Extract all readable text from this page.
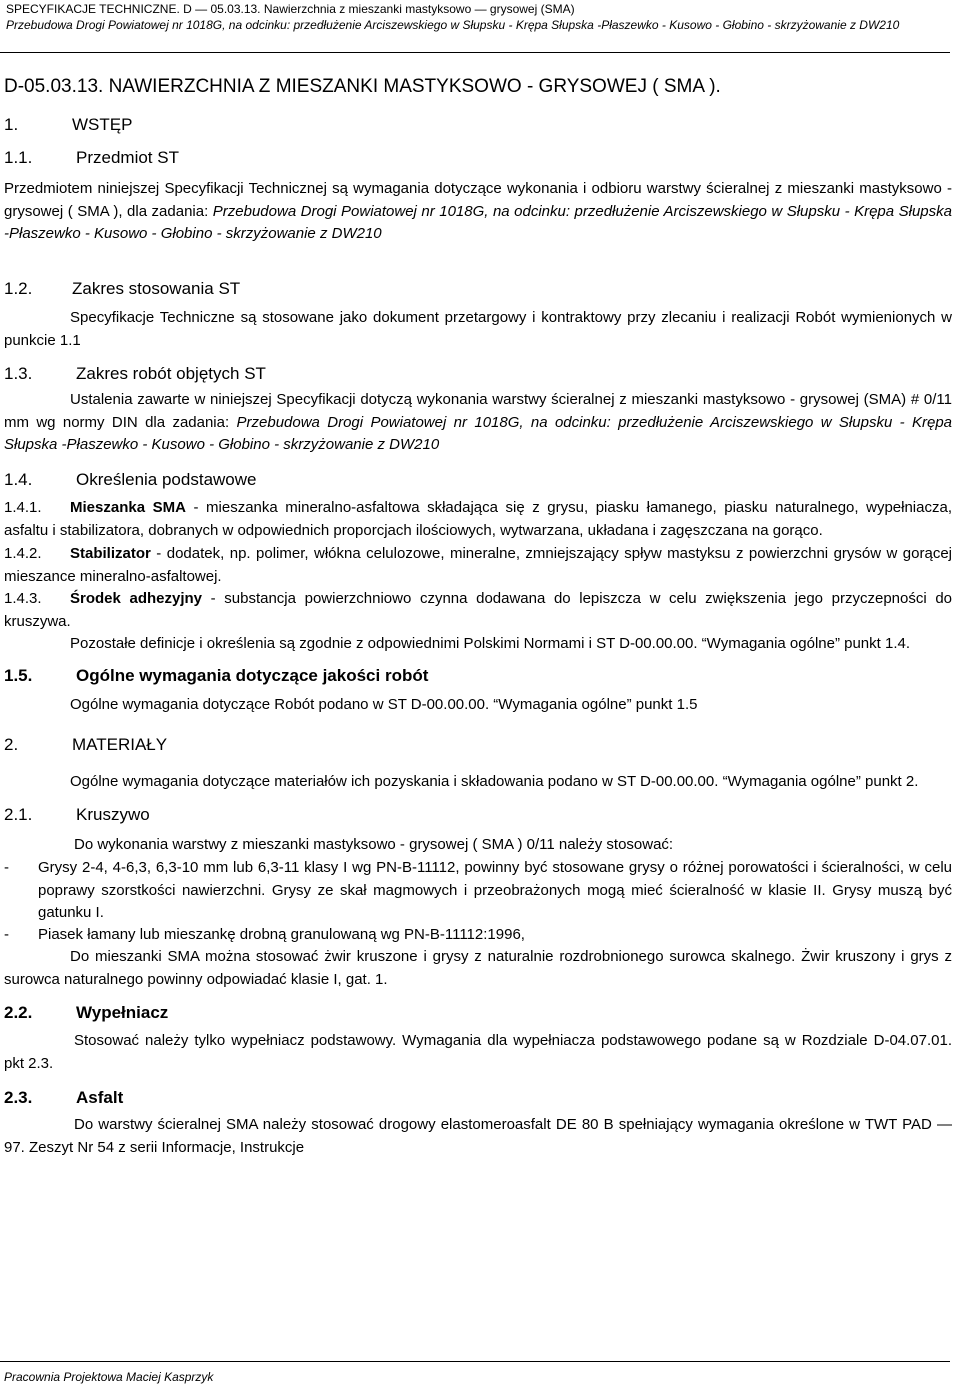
SPECYFIKACJE TECHNICZNE. D — 05.03.13. Nawierzchnia z mieszanki mastyksowo — grysowej (SMA)
Przebudowa Drogi Powiatowej nr 1018G, na odcinku: przedłużenie Arciszewskiego w Słupsku - Krępa Słupska -Płaszewko - Kusowo - Głobino - skrzyżowanie z DW210
D-05.03.13. NAWIERZCHNIA Z MIESZANKI MASTYKSOWO - GRYSOWEJ ( SMA ).
1.	WSTĘP
1.1.	Przedmiot ST
Przedmiotem niniejszej Specyfikacji Technicznej są wymagania dotyczące wykonania i odbioru warstwy ścieralnej z mieszanki mastyksowo - grysowej ( SMA ), dla zadania: Przebudowa Drogi Powiatowej nr 1018G, na odcinku: przedłużenie Arciszewskiego w Słupsku - Krępa Słupska -Płaszewko - Kusowo - Głobino - skrzyżowanie z DW210
1.2. Zakres stosowania ST
Specyfikacje Techniczne są stosowane jako dokument przetargowy i kontraktowy przy zlecaniu i realizacji Robót wymienionych w punkcie 1.1
1.3.	Zakres robót objętych ST
Ustalenia zawarte w niniejszej Specyfikacji dotyczą wykonania warstwy ścieralnej z mieszanki mastyksowo - grysowej (SMA) # 0/11 mm wg normy DIN dla zadania: Przebudowa Drogi Powiatowej nr 1018G, na odcinku: przedłużenie Arciszewskiego w Słupsku - Krępa Słupska -Płaszewko - Kusowo - Głobino - skrzyżowanie z DW210
1.4.	Określenia podstawowe
1.4.1. Mieszanka SMA - mieszanka mineralno-asfaltowa składająca się z grysu, piasku łamanego, piasku naturalnego, wypełniacza, asfaltu i stabilizatora, dobranych w odpowiednich proporcjach ilościowych, wytwarzana, układana i zagęszczana na gorąco.
1.4.2. Stabilizator - dodatek, np. polimer, włókna celulozowe, mineralne, zmniejszający spływ mastyksu z powierzchni grysów w gorącej mieszance mineralno-asfaltowej.
1.4.3. Środek adhezyjny - substancja powierzchniowo czynna dodawana do lepiszcza w celu zwiększenia jego przyczepności do kruszywa.
Pozostałe definicje i określenia są zgodnie z odpowiednimi Polskimi Normami i ST D-00.00.00. “Wymagania ogólne” punkt 1.4.
1.5.	Ogólne wymagania dotyczące jakości robót
Ogólne wymagania dotyczące Robót podano w ST D-00.00.00. “Wymagania ogólne” punkt 1.5
2.	MATERIAŁY
Ogólne wymagania dotyczące materiałów ich pozyskania i składowania podano w ST D-00.00.00. “Wymagania ogólne” punkt 2.
2.1.	Kruszywo
Do wykonania warstwy z mieszanki mastyksowo - grysowej ( SMA ) 0/11 należy stosować:
- Grysy 2-4, 4-6,3, 6,3-10 mm lub 6,3-11 klasy I wg PN-B-11112, powinny być stosowane grysy o różnej porowatości i ścieralności, w celu poprawy szorstkości nawierzchni. Grysy ze skał magmowych i przeobrażonych mogą mieć ścieralność w klasie II. Grysy muszą być gatunku I.
- Piasek łamany lub mieszankę drobną granulowaną wg PN-B-11112:1996,
Do mieszanki SMA można stosować żwir kruszone i grysy z naturalnie rozdrobnionego surowca skalnego. Żwir kruszony i grys z surowca naturalnego powinny odpowiadać klasie I, gat. 1.
2.2.	Wypełniacz
Stosować należy tylko wypełniacz podstawowy. Wymagania dla wypełniacza podstawowego podane są w Rozdziale D-04.07.01. pkt 2.3.
2.3.	Asfalt
Do warstwy ścieralnej SMA należy stosować drogowy elastomeroasfalt DE 80 B spełniający wymagania określone w TWT PAD — 97. Zeszyt Nr 54 z serii Informacje, Instrukcje
Pracownia Projektowa Maciej Kasprzyk
